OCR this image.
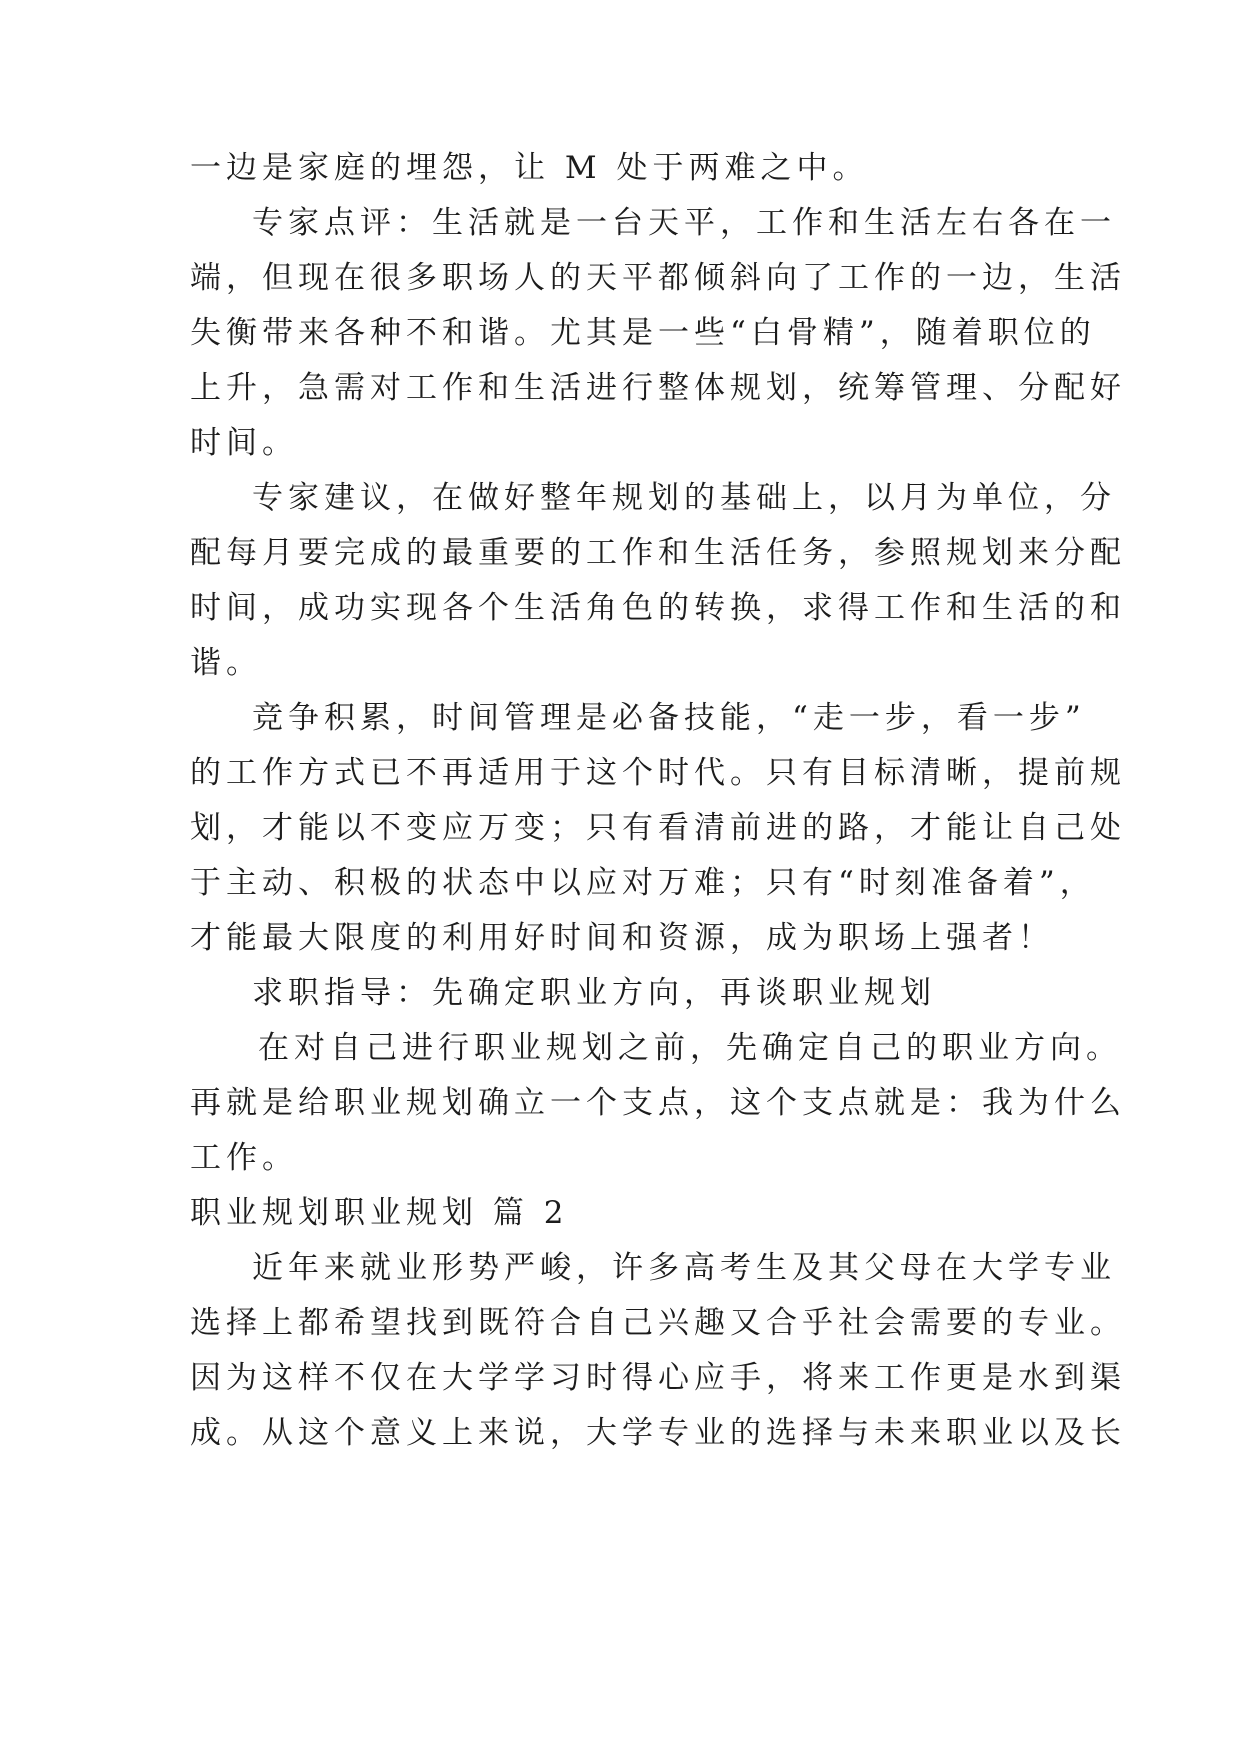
一边是家庭的埋怨，让 M 处于两难之中。
专家点评：生活就是一台天平，工作和生活左右各在一
端，但现在很多职场人的天平都倾斜向了工作的一边，生活
失衡带来各种不和谐。尤其是一些“白骨精”，随着职位的
上升，急需对工作和生活进行整体规划，统筹管理、分配好
时间。
专家建议，在做好整年规划的基础上，以月为单位，分
配每月要完成的最重要的工作和生活任务，参照规划来分配
时间，成功实现各个生活角色的转换，求得工作和生活的和
谐。
竞争积累，时间管理是必备技能，“走一步，看一步”
的工作方式已不再适用于这个时代。只有目标清晰，提前规
划，才能以不变应万变；只有看清前进的路，才能让自己处
于主动、积极的状态中以应对万难；只有“时刻准备着”，
才能最大限度的利用好时间和资源，成为职场上强者！
求职指导：先确定职业方向，再谈职业规划
在对自己进行职业规划之前，先确定自己的职业方向。
再就是给职业规划确立一个支点，这个支点就是：我为什么
工作。
职业规划职业规划 篇 2
近年来就业形势严峻，许多高考生及其父母在大学专业
选择上都希望找到既符合自己兴趣又合乎社会需要的专业。
因为这样不仅在大学学习时得心应手，将来工作更是水到渠
成。从这个意义上来说，大学专业的选择与未来职业以及长
